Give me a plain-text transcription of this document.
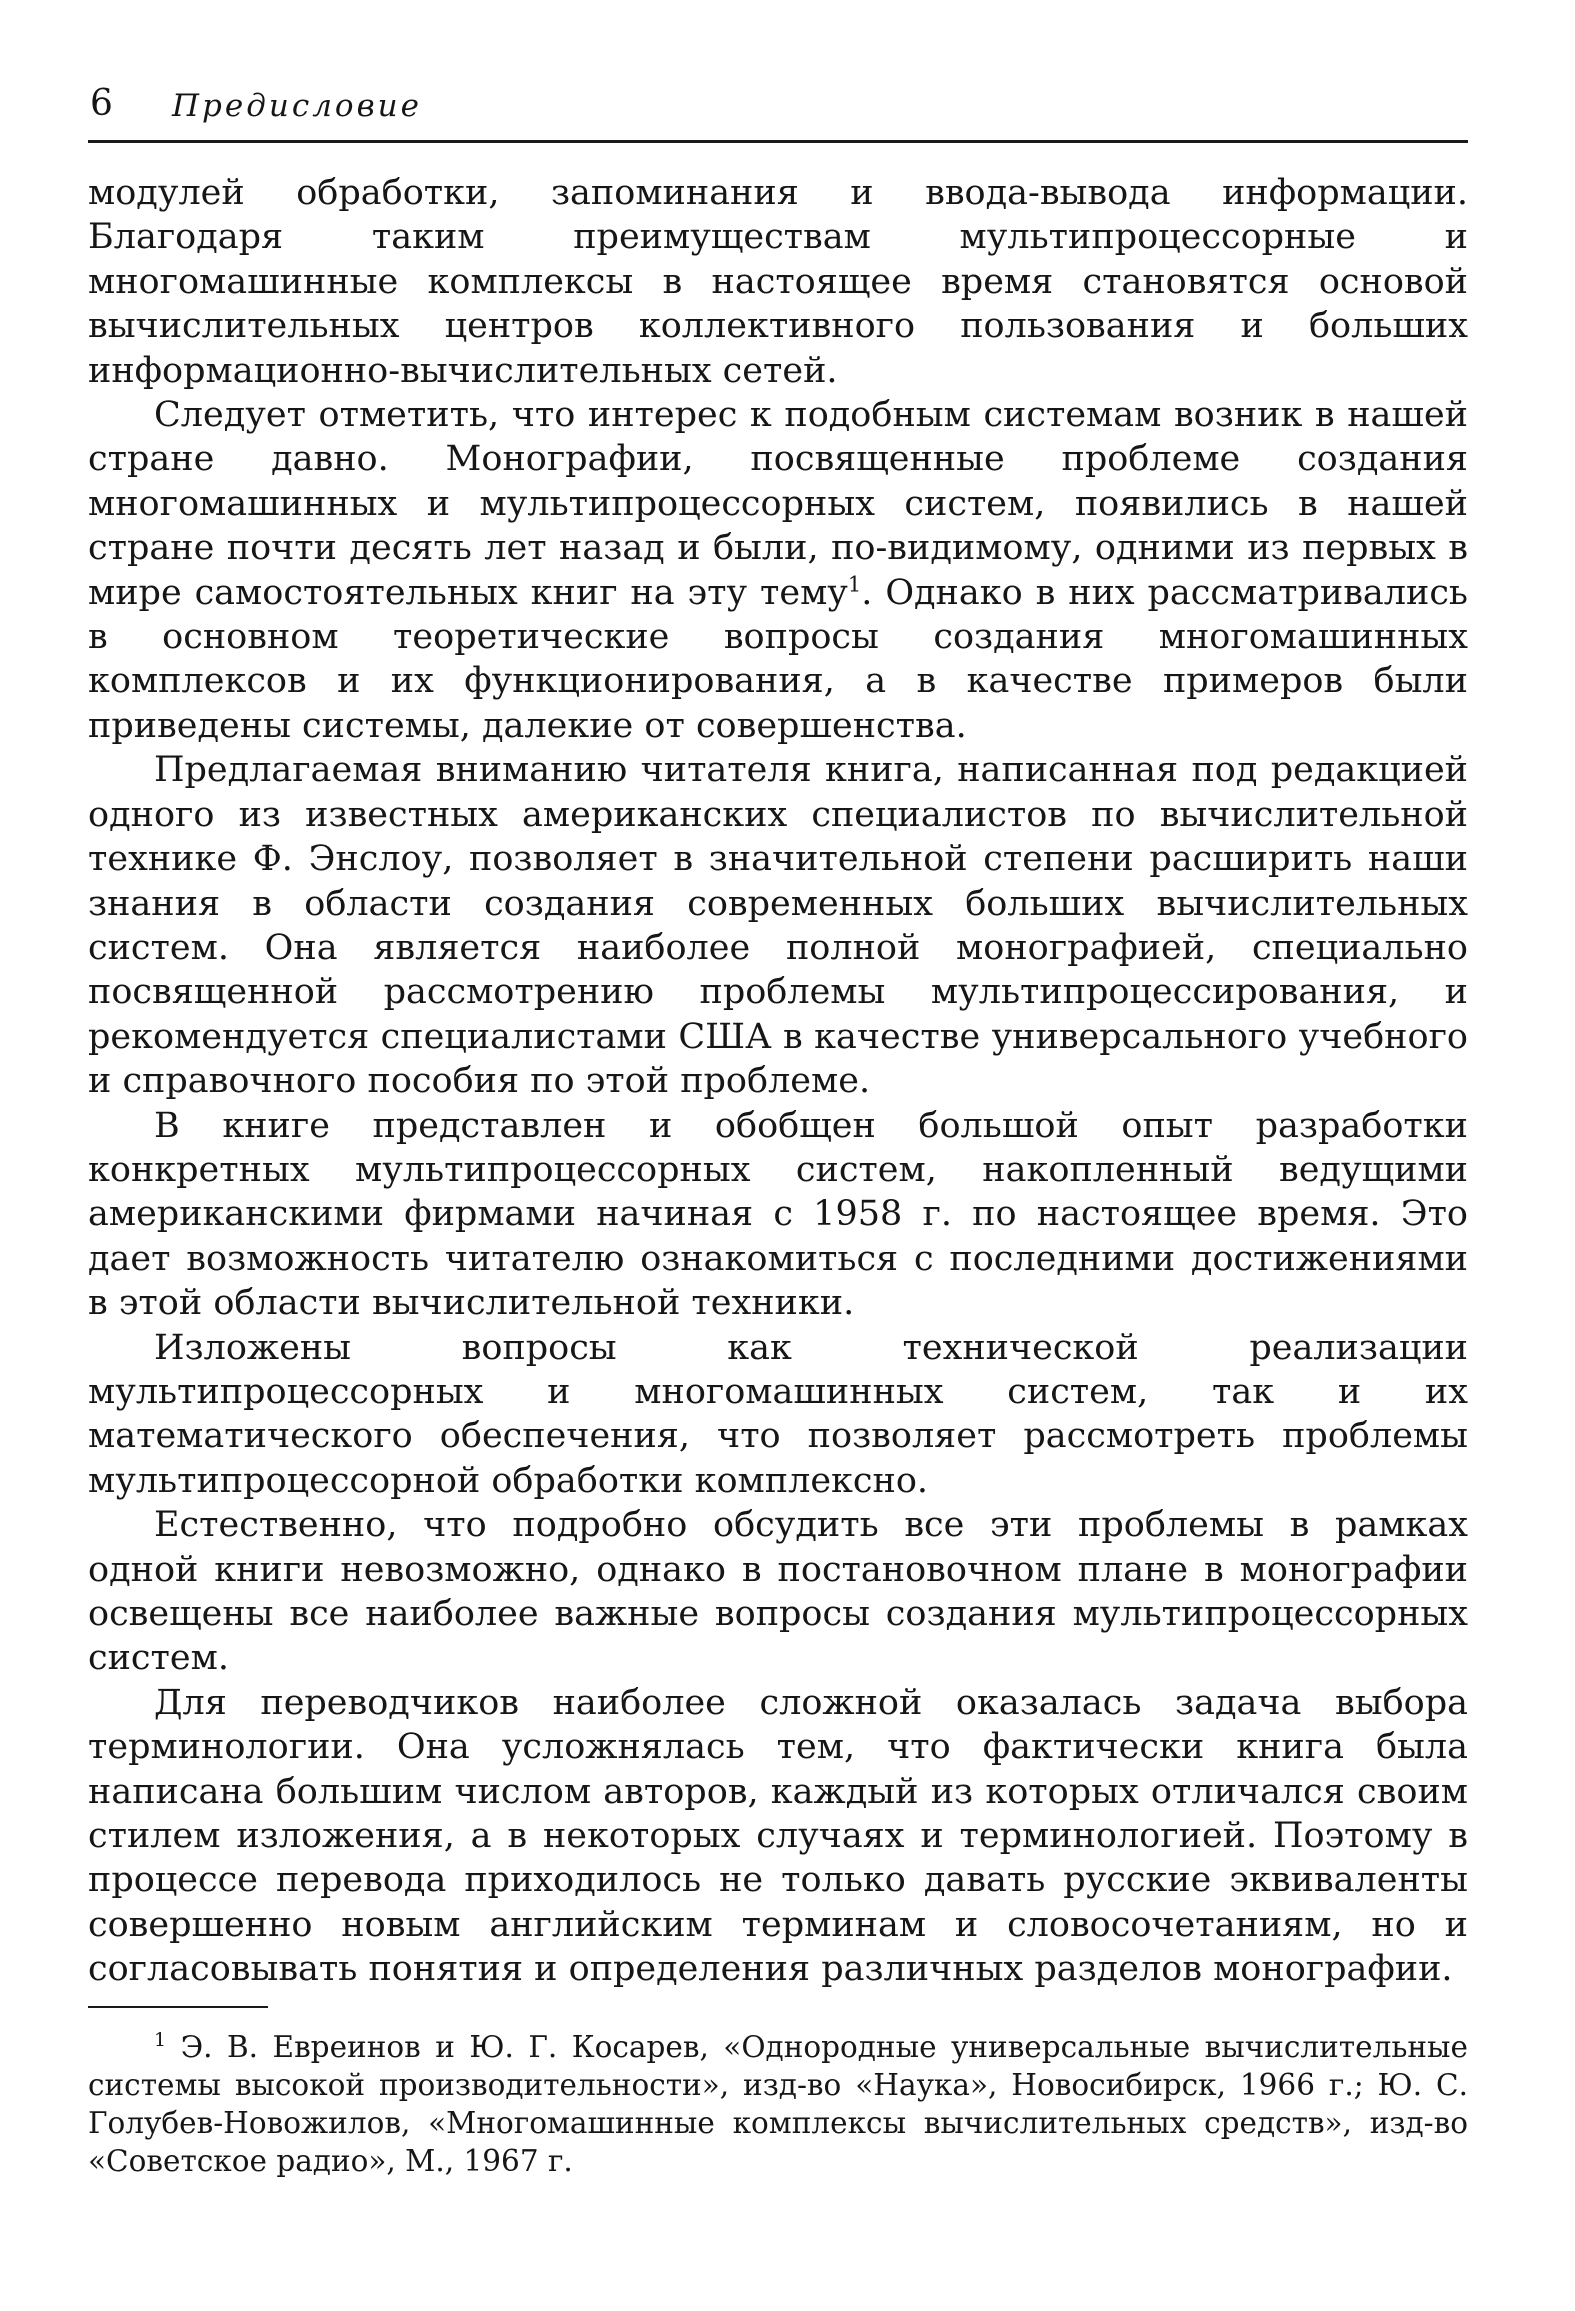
6 Предисловие

модулей обработки, запоминания и ввода-вывода информации. Благодаря таким преимуществам мультипроцессорные и многомашинные комплексы в настоящее время становятся основой вычислительных центров коллективного пользования и больших информационно-вычислительных сетей.

Следует отметить, что интерес к подобным системам возник в нашей стране давно. Монографии, посвященные проблеме создания многомашинных и мультипроцессорных систем, появились в нашей стране почти десять лет назад и были, по-видимому, одними из первых в мире самостоятельных книг на эту тему$^1$. Однако в них рассматривались в основном теоретические вопросы создания многомашинных комплексов и их функционирования, а в качестве примеров были приведены системы, далекие от совершенства.

Предлагаемая вниманию читателя книга, написанная под редакцией одного из известных американских специалистов по вычислительной технике Ф. Энслоу, позволяет в значительной степени расширить наши знания в области создания современных больших вычислительных систем. Она является наиболее полной монографией, специально посвященной рассмотрению проблемы мультипроцессирования, и рекомендуется специалистами США в качестве универсального учебного и справочного пособия по этой проблеме.

В книге представлен и обобщен большой опыт разработки конкретных мультипроцессорных систем, накопленный ведущими американскими фирмами начиная с 1958 г. по настоящее время. Это дает возможность читателю ознакомиться с последними достижениями в этой области вычислительной техники.

Изложены вопросы как технической реализации мультипроцессорных и многомашинных систем, так и их математического обеспечения, что позволяет рассмотреть проблемы мультипроцессорной обработки комплексно.

Естественно, что подробно обсудить все эти проблемы в рамках одной книги невозможно, однако в постановочном плане в монографии освещены все наиболее важные вопросы создания мультипроцессорных систем.

Для переводчиков наиболее сложной оказалась задача выбора терминологии. Она усложнялась тем, что фактически книга была написана большим числом авторов, каждый из которых отличался своим стилем изложения, а в некоторых случаях и терминологией. Поэтому в процессе перевода приходилось не только давать русские эквиваленты совершенно новым английским терминам и словосочетаниям, но и согласовывать понятия и определения различных разделов монографии.

$^1$ Э. В. Евреинов и Ю. Г. Косарев, «Однородные универсальные вычислительные системы высокой производительности», изд-во «Наука», Новосибирск, 1966 г.; Ю. С. Голубев-Новожилов, «Многомашинные комплексы вычислительных средств», изд-во «Советское радио», М., 1967 г.
